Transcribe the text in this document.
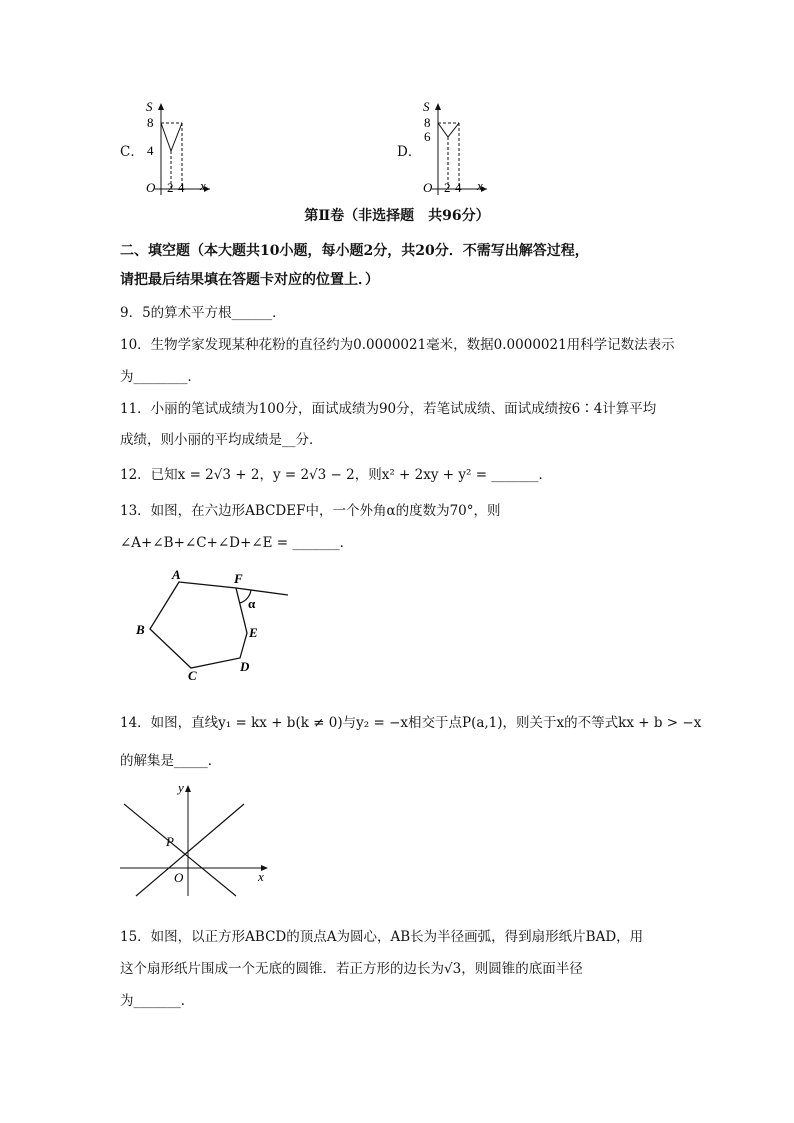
C．
S
8
4
O 2 4 x
D．
S
8
6
O 2 4 x
第Ⅱ卷（非选择题　共96分）
二、填空题（本大题共10小题，每小题2分，共20分．不需写出解答过程，
请把最后结果填在答题卡对应的位置上．）
9．5的算术平方根______．
10．生物学家发现某种花粉的直径约为0.0000021毫米，数据0.0000021用科学记数法表示
为________．
11．小丽的笔试成绩为100分，面试成绩为90分，若笔试成绩、面试成绩按6∶4计算平均
成绩，则小丽的平均成绩是__分．
12．已知x = 2√3 + 2，y = 2√3 − 2，则x² + 2xy + y² = _______．
13．如图，在六边形ABCDEF中，一个外角α的度数为70°，则
∠A+∠B+∠C+∠D+∠E = _______．
A
B
C
D
E
F
α
14．如图，直线y₁ = kx + b(k ≠ 0)与y₂ = −x相交于点P(a,1)，则关于x的不等式kx + b > −x
的解集是_____．
y
x
O
P
15．如图，以正方形ABCD的顶点A为圆心，AB长为半径画弧，得到扇形纸片BAD，用
这个扇形纸片围成一个无底的圆锥．若正方形的边长为√3，则圆锥的底面半径
为_______．
